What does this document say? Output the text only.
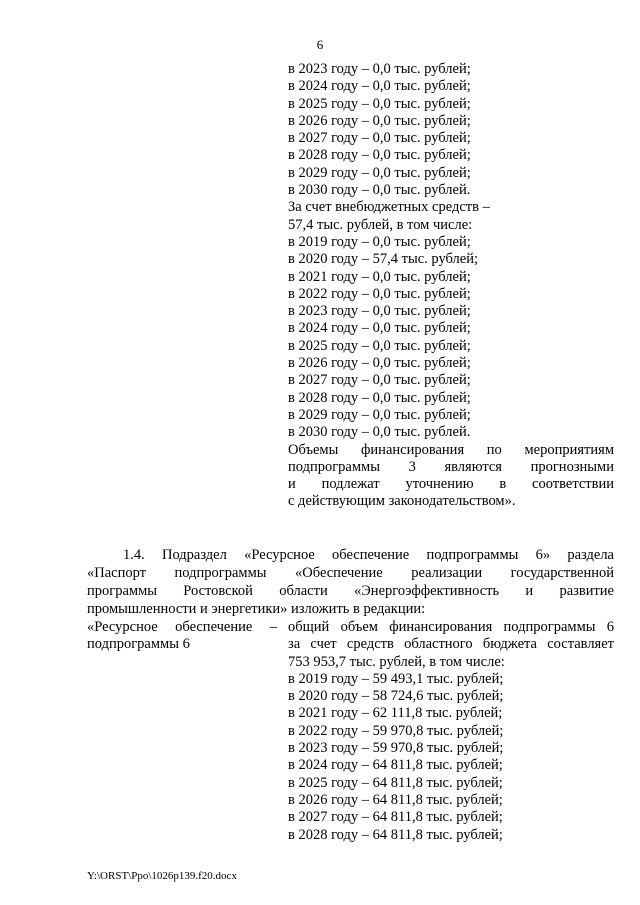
6
в 2023 году – 0,0 тыс. рублей;
в 2024 году – 0,0 тыс. рублей;
в 2025 году – 0,0 тыс. рублей;
в 2026 году – 0,0 тыс. рублей;
в 2027 году – 0,0 тыс. рублей;
в 2028 году – 0,0 тыс. рублей;
в 2029 году – 0,0 тыс. рублей;
в 2030 году – 0,0 тыс. рублей.
За счет внебюджетных средств –
57,4 тыс. рублей, в том числе:
в 2019 году – 0,0 тыс. рублей;
в 2020 году – 57,4 тыс. рублей;
в 2021 году – 0,0 тыс. рублей;
в 2022 году – 0,0 тыс. рублей;
в 2023 году – 0,0 тыс. рублей;
в 2024 году – 0,0 тыс. рублей;
в 2025 году – 0,0 тыс. рублей;
в 2026 году – 0,0 тыс. рублей;
в 2027 году – 0,0 тыс. рублей;
в 2028 году – 0,0 тыс. рублей;
в 2029 году – 0,0 тыс. рублей;
в 2030 году – 0,0 тыс. рублей.
Объемы финансирования по мероприятиям
подпрограммы 3 являются прогнозными
и подлежат уточнению в соответствии
с действующим законодательством».
1.4. Подраздел «Ресурсное обеспечение подпрограммы 6» раздела
«Паспорт подпрограммы «Обеспечение реализации государственной
программы Ростовской области «Энергоэффективность и развитие
промышленности и энергетики» изложить в редакции:
«Ресурсное обеспечение –
подпрограммы 6
общий объем финансирования подпрограммы 6
за счет средств областного бюджета составляет
753 953,7 тыс. рублей, в том числе:
в 2019 году – 59 493,1 тыс. рублей;
в 2020 году – 58 724,6 тыс. рублей;
в 2021 году – 62 111,8 тыс. рублей;
в 2022 году – 59 970,8 тыс. рублей;
в 2023 году – 59 970,8 тыс. рублей;
в 2024 году – 64 811,8 тыс. рублей;
в 2025 году – 64 811,8 тыс. рублей;
в 2026 году – 64 811,8 тыс. рублей;
в 2027 году – 64 811,8 тыс. рублей;
в 2028 году – 64 811,8 тыс. рублей;
Y:\ORST\Ppo\1026p139.f20.docx
